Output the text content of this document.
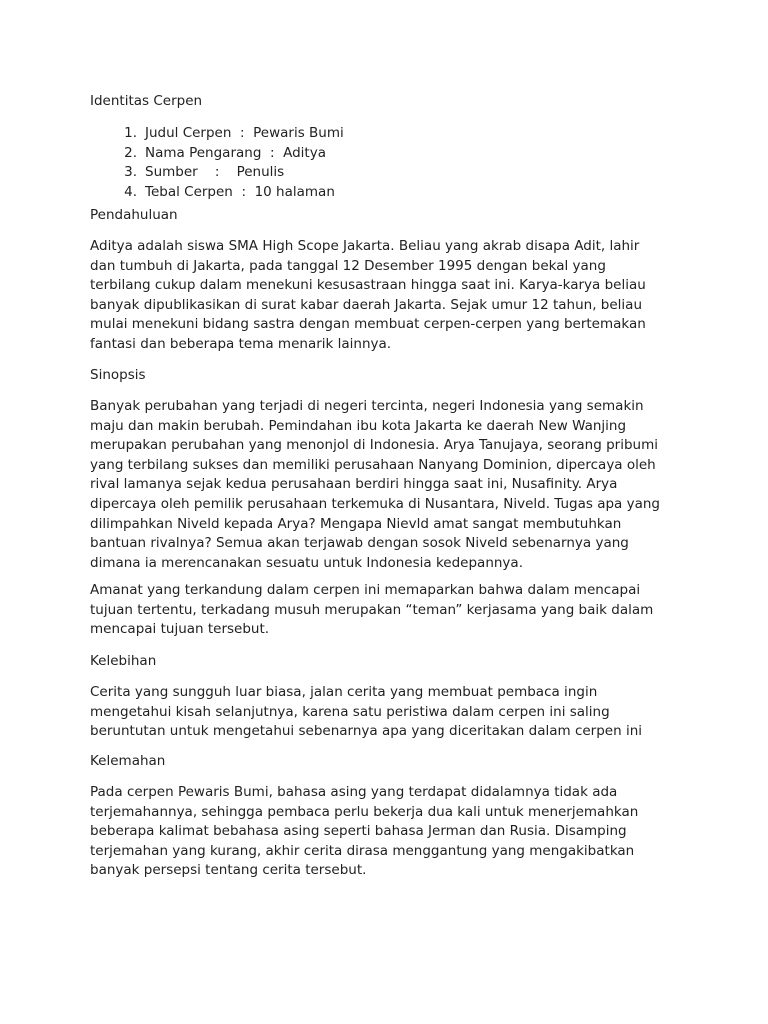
Identitas Cerpen

1. Judul Cerpen  :  Pewaris Bumi
2. Nama Pengarang  :  Aditya
3. Sumber    :    Penulis
4. Tebal Cerpen  :  10 halaman

Pendahuluan

Aditya adalah siswa SMA High Scope Jakarta. Beliau yang akrab disapa Adit, lahir
dan tumbuh di Jakarta, pada tanggal 12 Desember 1995 dengan bekal yang
terbilang cukup dalam menekuni kesusastraan hingga saat ini. Karya-karya beliau
banyak dipublikasikan di surat kabar daerah Jakarta. Sejak umur 12 tahun, beliau
mulai menekuni bidang sastra dengan membuat cerpen-cerpen yang bertemakan
fantasi dan beberapa tema menarik lainnya.

Sinopsis

Banyak perubahan yang terjadi di negeri tercinta, negeri Indonesia yang semakin
maju dan makin berubah. Pemindahan ibu kota Jakarta ke daerah New Wanjing
merupakan perubahan yang menonjol di Indonesia. Arya Tanujaya, seorang pribumi
yang terbilang sukses dan memiliki perusahaan Nanyang Dominion, dipercaya oleh
rival lamanya sejak kedua perusahaan berdiri hingga saat ini, Nusafinity. Arya
dipercaya oleh pemilik perusahaan terkemuka di Nusantara, Niveld. Tugas apa yang
dilimpahkan Niveld kepada Arya? Mengapa Nievld amat sangat membutuhkan
bantuan rivalnya? Semua akan terjawab dengan sosok Niveld sebenarnya yang
dimana ia merencanakan sesuatu untuk Indonesia kedepannya.
Amanat yang terkandung dalam cerpen ini memaparkan bahwa dalam mencapai
tujuan tertentu, terkadang musuh merupakan “teman” kerjasama yang baik dalam
mencapai tujuan tersebut.

Kelebihan

Cerita yang sungguh luar biasa, jalan cerita yang membuat pembaca ingin
mengetahui kisah selanjutnya, karena satu peristiwa dalam cerpen ini saling
beruntutan untuk mengetahui sebenarnya apa yang diceritakan dalam cerpen ini

Kelemahan

Pada cerpen Pewaris Bumi, bahasa asing yang terdapat didalamnya tidak ada
terjemahannya, sehingga pembaca perlu bekerja dua kali untuk menerjemahkan
beberapa kalimat bebahasa asing seperti bahasa Jerman dan Rusia. Disamping
terjemahan yang kurang, akhir cerita dirasa menggantung yang mengakibatkan
banyak persepsi tentang cerita tersebut.
